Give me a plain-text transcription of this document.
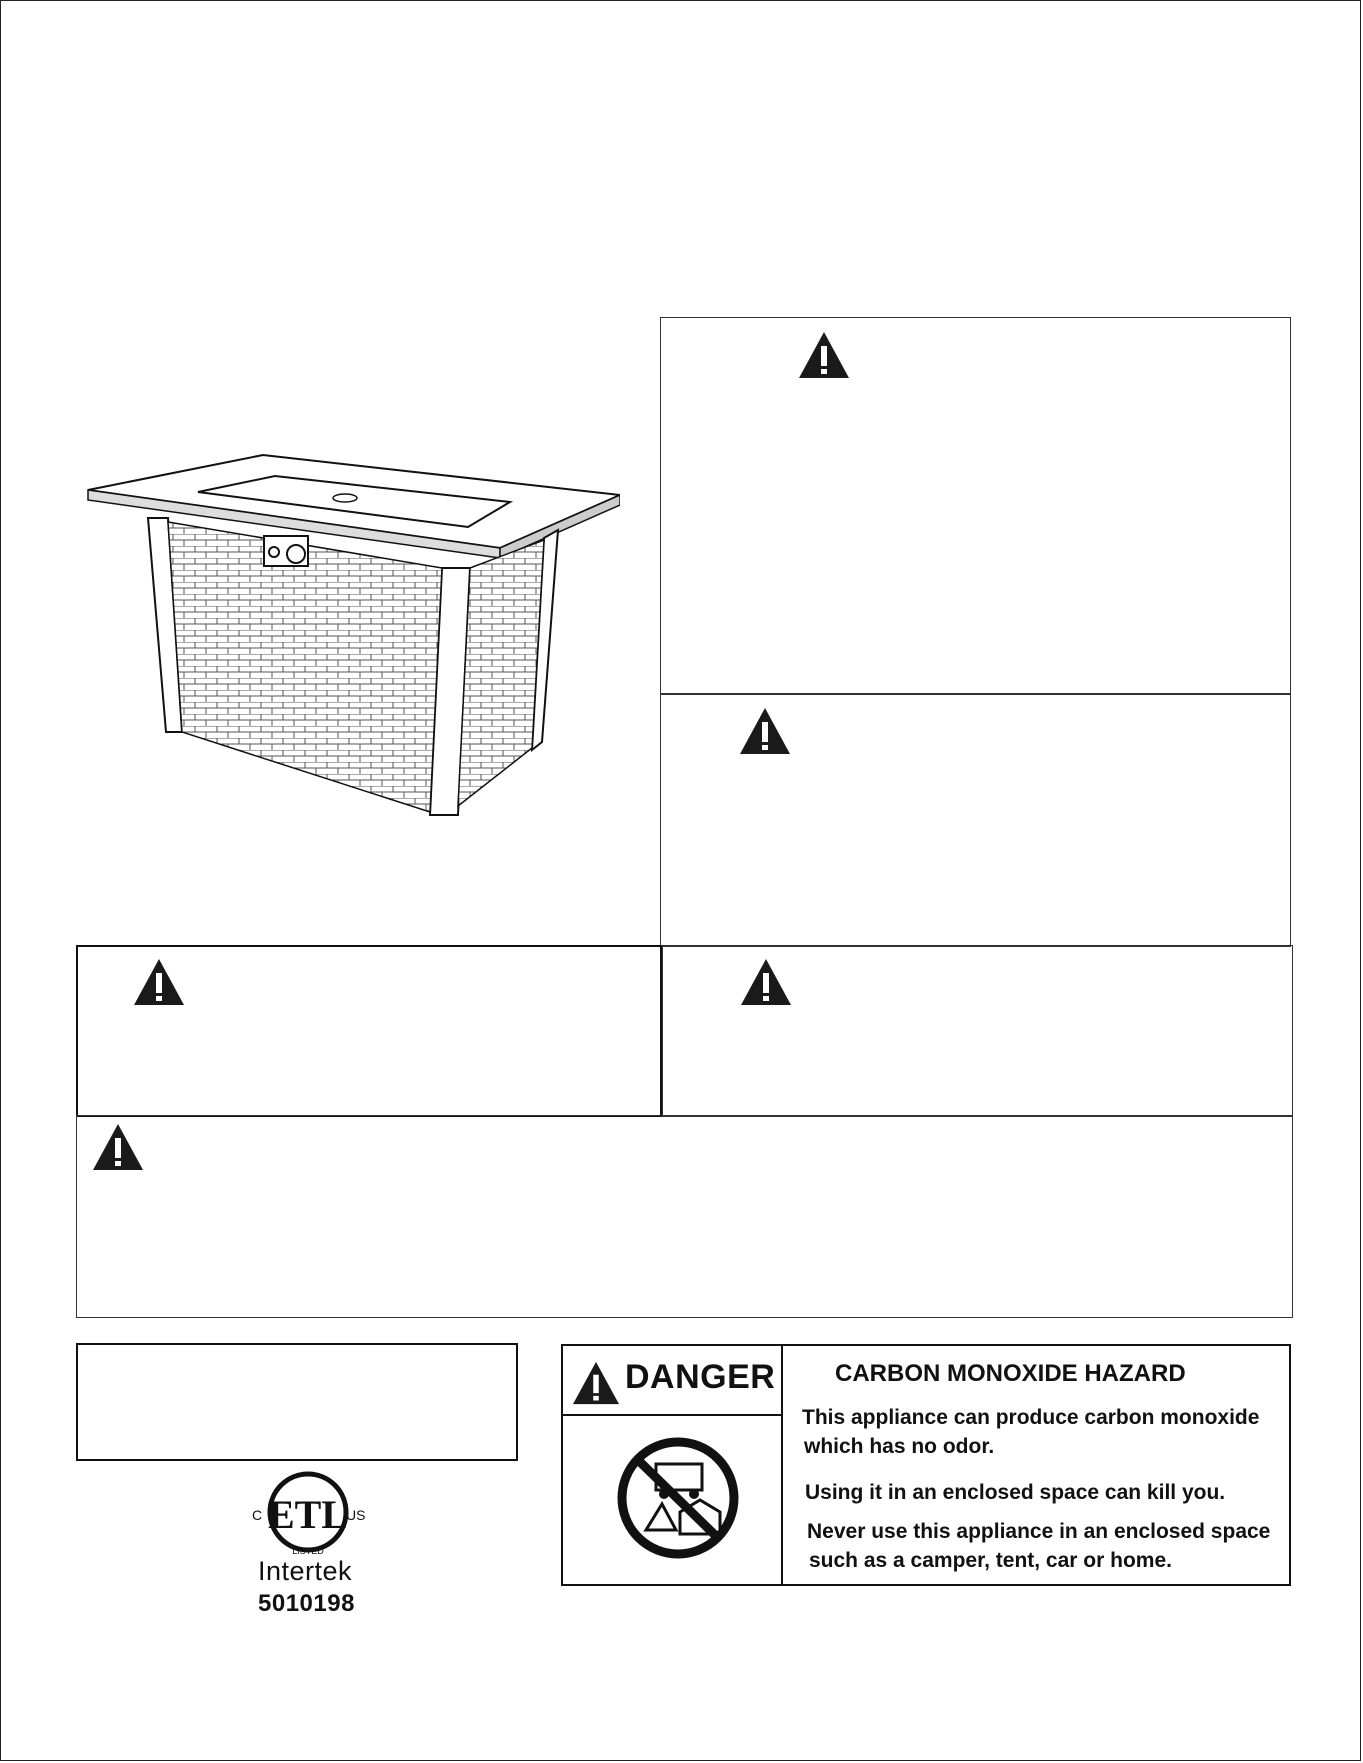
ETL
C	US
LISTED
Intertek
5010198
DANGER CARBON MONOXIDE HAZARD
This appliance can produce carbon monoxide
which has no odor.
Using it in an enclosed space can kill you.
Never use this appliance in an enclosed space
such as a camper, tent, car or home.
